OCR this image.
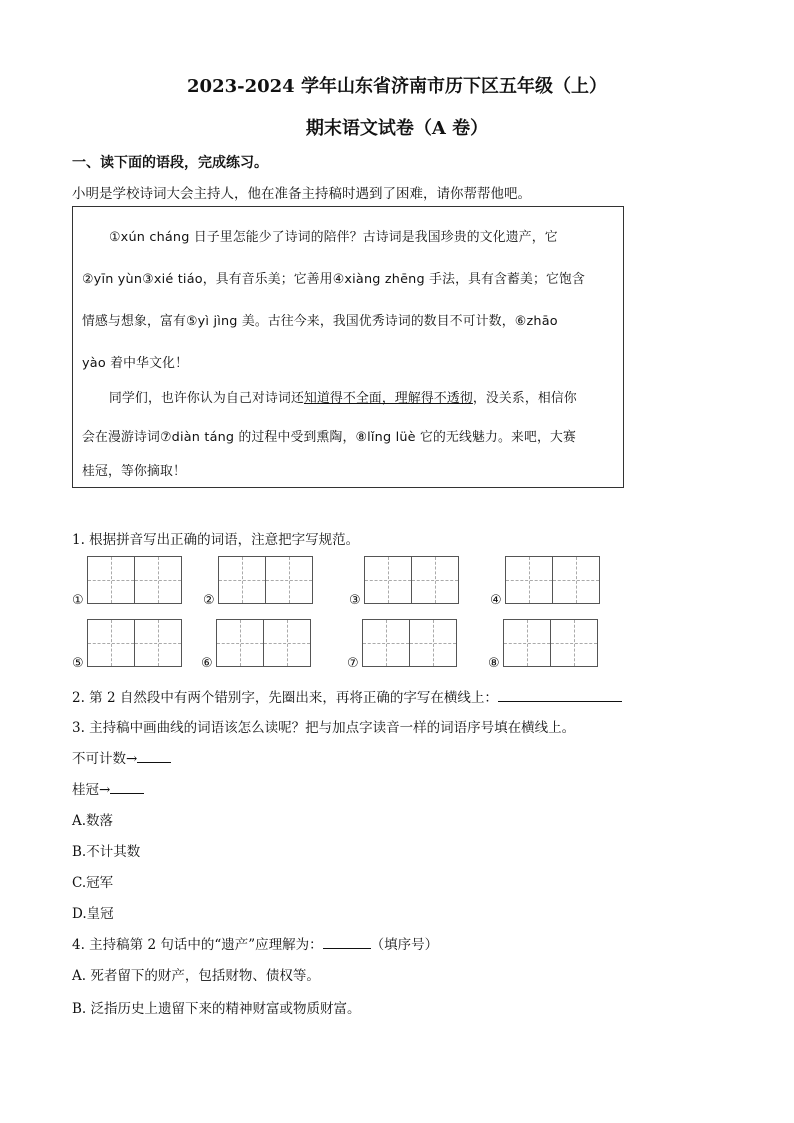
2023-2024 学年山东省济南市历下区五年级（上）
期末语文试卷（A 卷）
一、读下面的语段，完成练习。
小明是学校诗词大会主持人，他在准备主持稿时遇到了困难，请你帮帮他吧。
①xún cháng 日子里怎能少了诗词的陪伴？古诗词是我国珍贵的文化遗产，它
②yīn yùn③xié tiáo，具有音乐美；它善用④xiàng zhēng 手法，具有含蓄美；它饱含
情感与想象，富有⑤yì jìng 美。古往今来，我国优秀诗词的数目不可计数，⑥zhāo
yào 着中华文化！
同学们，也许你认为自己对诗词还知道得不全面，理解得不透彻，没关系，相信你
会在漫游诗词⑦diàn táng 的过程中受到熏陶，⑧lǐng lüè 它的无线魅力。来吧，大赛
桂冠，等你摘取！
1. 根据拼音写出正确的词语，注意把字写规范。
①	②	③	④
⑤	⑥	⑦	⑧
2. 第 2 自然段中有两个错别字，先圈出来，再将正确的字写在横线上：
3. 主持稿中画曲线的词语该怎么读呢？把与加点字读音一样的词语序号填在横线上。
不可计数→
桂冠→
A.数落
B.不计其数
C.冠军
D.皇冠
4. 主持稿第 2 句话中的“遗产”应理解为：	（填序号）
A. 死者留下的财产，包括财物、债权等。
B. 泛指历史上遗留下来的精神财富或物质财富。
